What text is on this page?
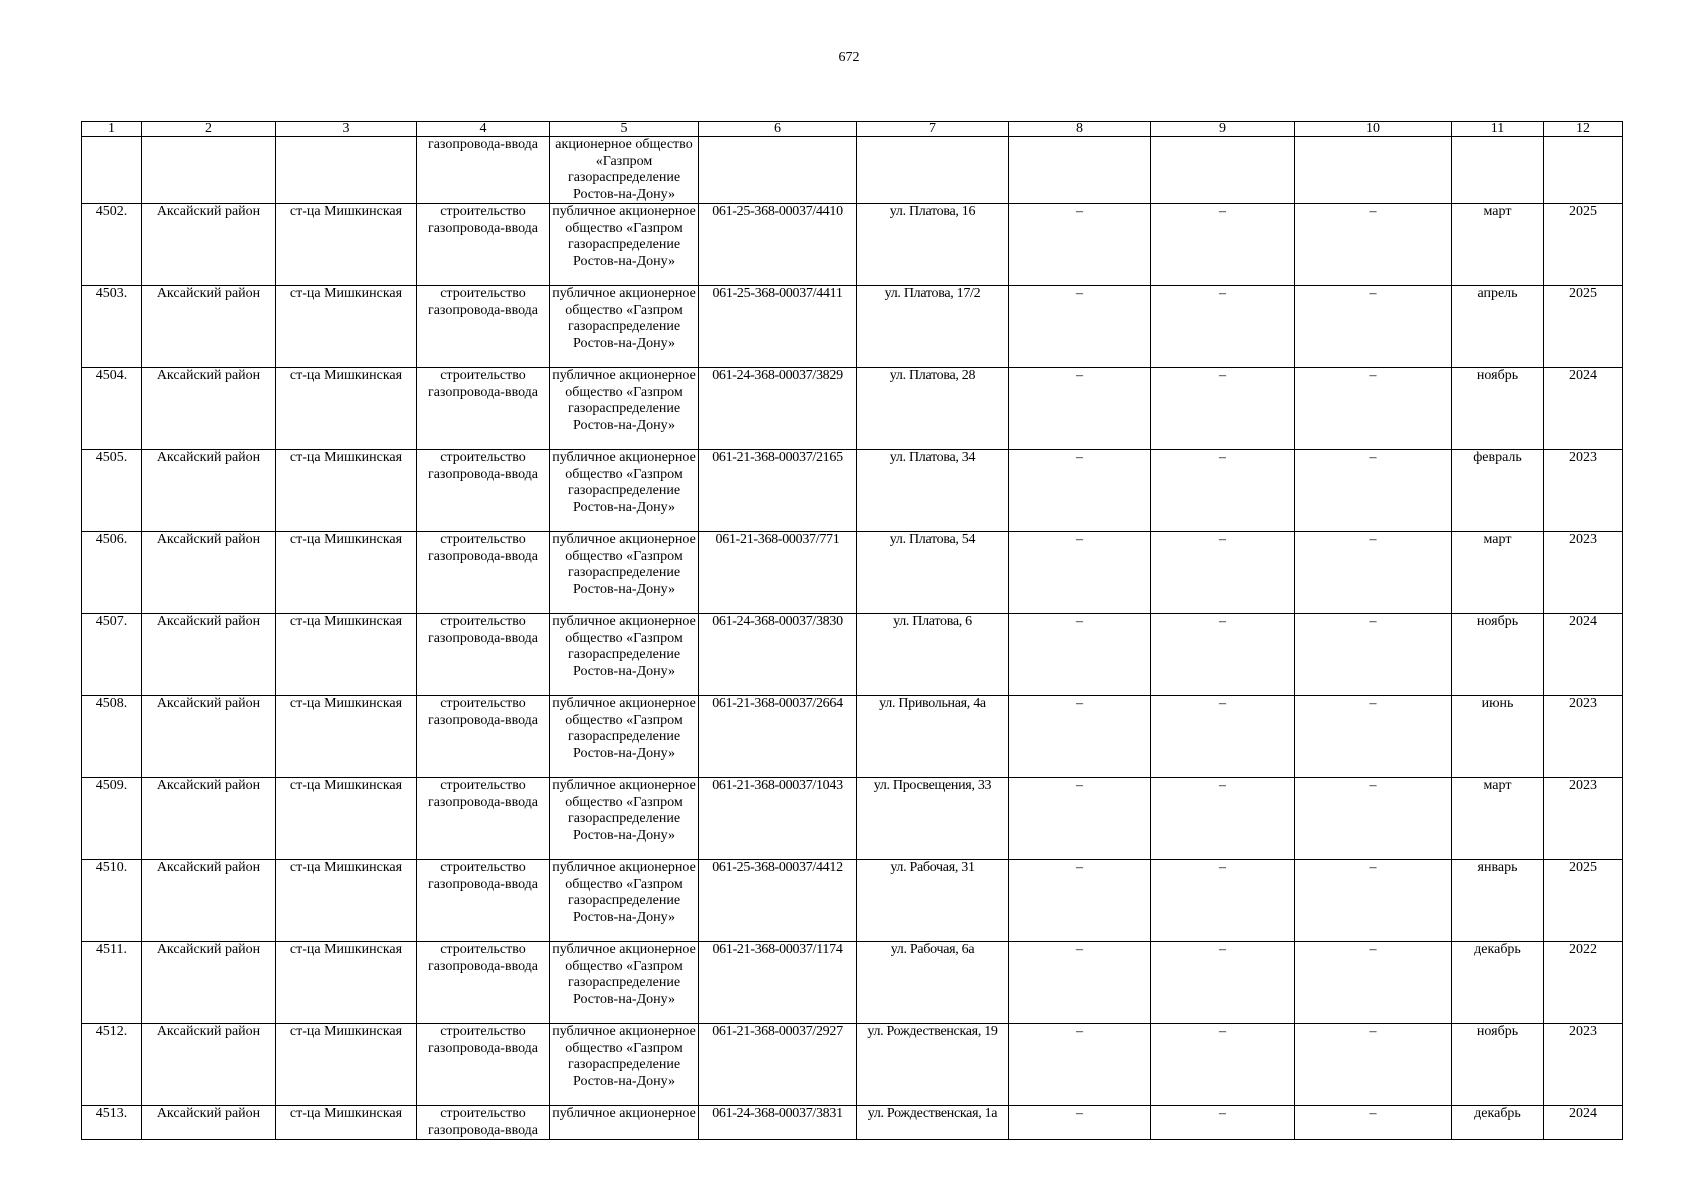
672
1	2	3	4	5	6	7	8	9	10	11	12
			газопровода-ввода	акционерное общество «Газпром газораспределение Ростов-на-Дону»							
4502.	Аксайский район	ст-ца Мишкинская	строительство газопровода-ввода	публичное акционерное общество «Газпром газораспределение Ростов-на-Дону»	061-25-368-00037/4410	ул. Платова, 16	–	–	–	март	2025
4503.	Аксайский район	ст-ца Мишкинская	строительство газопровода-ввода	публичное акционерное общество «Газпром газораспределение Ростов-на-Дону»	061-25-368-00037/4411	ул. Платова, 17/2	–	–	–	апрель	2025
4504.	Аксайский район	ст-ца Мишкинская	строительство газопровода-ввода	публичное акционерное общество «Газпром газораспределение Ростов-на-Дону»	061-24-368-00037/3829	ул. Платова, 28	–	–	–	ноябрь	2024
4505.	Аксайский район	ст-ца Мишкинская	строительство газопровода-ввода	публичное акционерное общество «Газпром газораспределение Ростов-на-Дону»	061-21-368-00037/2165	ул. Платова, 34	–	–	–	февраль	2023
4506.	Аксайский район	ст-ца Мишкинская	строительство газопровода-ввода	публичное акционерное общество «Газпром газораспределение Ростов-на-Дону»	061-21-368-00037/771	ул. Платова, 54	–	–	–	март	2023
4507.	Аксайский район	ст-ца Мишкинская	строительство газопровода-ввода	публичное акционерное общество «Газпром газораспределение Ростов-на-Дону»	061-24-368-00037/3830	ул. Платова, 6	–	–	–	ноябрь	2024
4508.	Аксайский район	ст-ца Мишкинская	строительство газопровода-ввода	публичное акционерное общество «Газпром газораспределение Ростов-на-Дону»	061-21-368-00037/2664	ул. Привольная, 4а	–	–	–	июнь	2023
4509.	Аксайский район	ст-ца Мишкинская	строительство газопровода-ввода	публичное акционерное общество «Газпром газораспределение Ростов-на-Дону»	061-21-368-00037/1043	ул. Просвещения, 33	–	–	–	март	2023
4510.	Аксайский район	ст-ца Мишкинская	строительство газопровода-ввода	публичное акционерное общество «Газпром газораспределение Ростов-на-Дону»	061-25-368-00037/4412	ул. Рабочая, 31	–	–	–	январь	2025
4511.	Аксайский район	ст-ца Мишкинская	строительство газопровода-ввода	публичное акционерное общество «Газпром газораспределение Ростов-на-Дону»	061-21-368-00037/1174	ул. Рабочая, 6а	–	–	–	декабрь	2022
4512.	Аксайский район	ст-ца Мишкинская	строительство газопровода-ввода	публичное акционерное общество «Газпром газораспределение Ростов-на-Дону»	061-21-368-00037/2927	ул. Рождественская, 19	–	–	–	ноябрь	2023
4513.	Аксайский район	ст-ца Мишкинская	строительство газопровода-ввода	публичное акционерное	061-24-368-00037/3831	ул. Рождественская, 1а	–	–	–	декабрь	2024
